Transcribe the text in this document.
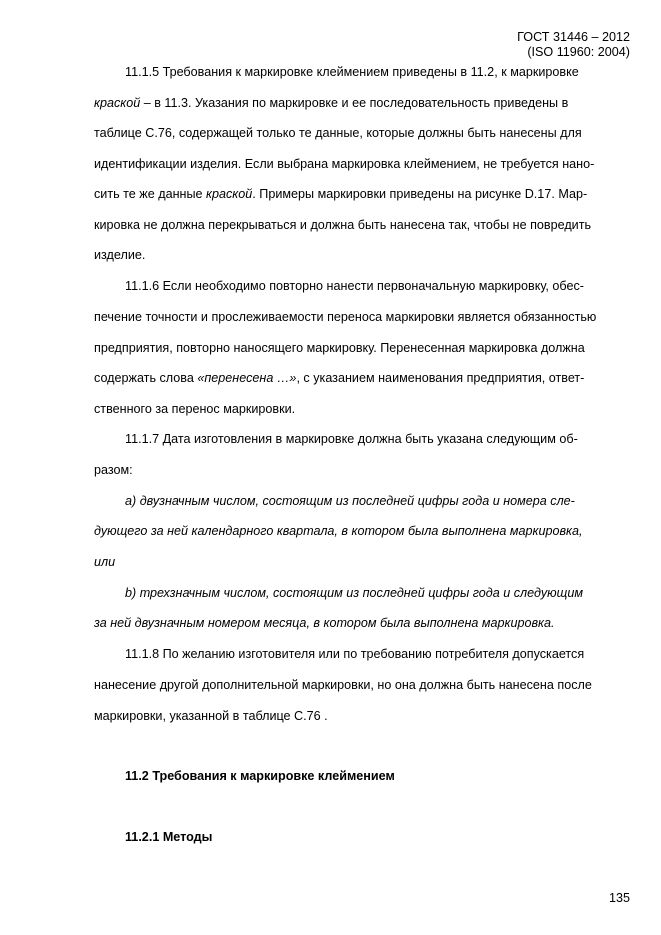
ГОСТ 31446 – 2012
(ISO 11960: 2004)
11.1.5 Требования к маркировке клеймением приведены в 11.2, к маркировке
краской – в 11.3. Указания по маркировке и ее последовательность приведены в
таблице С.76, содержащей только те данные, которые должны быть нанесены для
идентификации изделия. Если выбрана маркировка клеймением, не требуется нано-
сить те же данные краской. Примеры маркировки приведены на рисунке D.17. Мар-
кировка не должна перекрываться и должна быть нанесена так, чтобы не повредить
изделие.
11.1.6 Если необходимо повторно нанести первоначальную маркировку, обес-
печение точности и прослеживаемости переноса маркировки является обязанностью
предприятия, повторно наносящего маркировку. Перенесенная маркировка должна
содержать слова «перенесена …», с указанием наименования предприятия, ответ-
ственного за перенос маркировки.
11.1.7 Дата изготовления в маркировке должна быть указана следующим об-
разом:
a) двузначным числом, состоящим из последней цифры года и номера сле-
дующего за ней календарного квартала, в котором была выполнена маркировка,
или
b) трехзначным числом, состоящим из последней цифры года и следующим
за ней двузначным номером месяца, в котором была выполнена маркировка.
11.1.8 По желанию изготовителя или по требованию потребителя допускается
нанесение другой дополнительной маркировки, но она должна быть нанесена после
маркировки, указанной в таблице С.76 .
11.2 Требования к маркировке клеймением
11.2.1 Методы
135
